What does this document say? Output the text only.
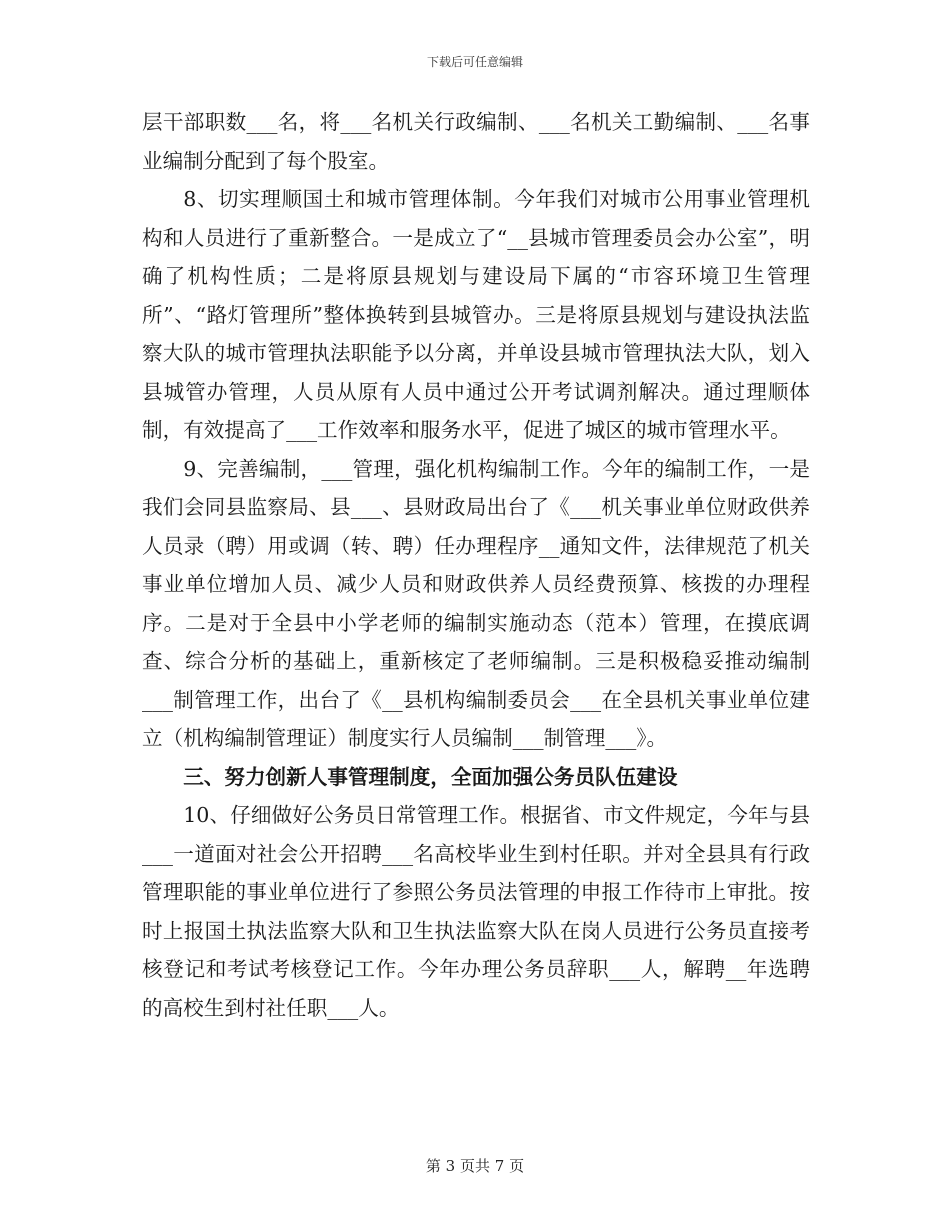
下载后可任意编辑

层干部职数___名，将___名机关行政编制、___名机关工勤编制、___名事业编制分配到了每个股室。

8、切实理顺国土和城市管理体制。今年我们对城市公用事业管理机构和人员进行了重新整合。一是成立了“__县城市管理委员会办公室”，明确了机构性质；二是将原县规划与建设局下属的“市容环境卫生管理所”、“路灯管理所”整体换转到县城管办。三是将原县规划与建设执法监察大队的城市管理执法职能予以分离，并单设县城市管理执法大队，划入县城管办管理，人员从原有人员中通过公开考试调剂解决。通过理顺体制，有效提高了___工作效率和服务水平，促进了城区的城市管理水平。

9、完善编制，___管理，强化机构编制工作。今年的编制工作，一是我们会同县监察局、县___、县财政局出台了《___机关事业单位财政供养人员录（聘）用或调（转、聘）任办理程序__通知文件，法律规范了机关事业单位增加人员、减少人员和财政供养人员经费预算、核拨的办理程序。二是对于全县中小学老师的编制实施动态（范本）管理，在摸底调查、综合分析的基础上，重新核定了老师编制。三是积极稳妥推动编制___制管理工作，出台了《__县机构编制委员会___在全县机关事业单位建立（机构编制管理证）制度实行人员编制___制管理___》。

三、努力创新人事管理制度，全面加强公务员队伍建设

10、仔细做好公务员日常管理工作。根据省、市文件规定，今年与县___一道面对社会公开招聘___名高校毕业生到村任职。并对全县具有行政管理职能的事业单位进行了参照公务员法管理的申报工作待市上审批。按时上报国土执法监察大队和卫生执法监察大队在岗人员进行公务员直接考核登记和考试考核登记工作。今年办理公务员辞职___人，解聘__年选聘的高校生到村社任职___人。

第 3 页共 7 页
